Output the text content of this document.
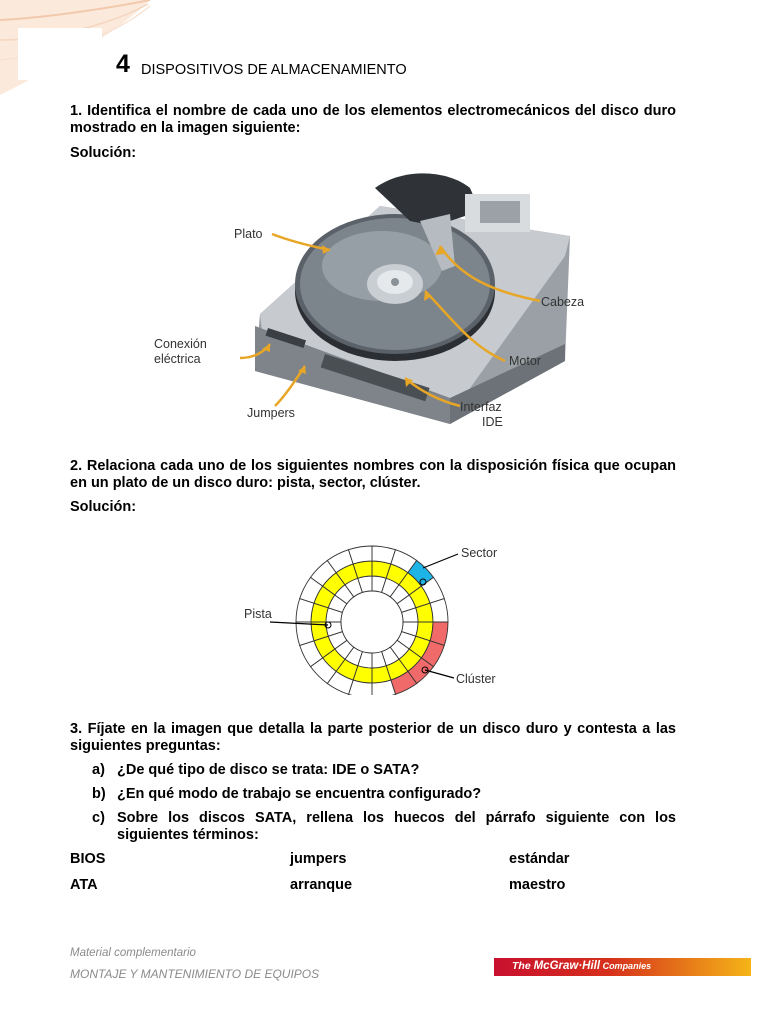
4 DISPOSITIVOS DE ALMACENAMIENTO
1. Identifica el nombre de cada uno de los elementos electromecánicos del disco duro mostrado en la imagen siguiente:
Solución:
Plato
Cabeza
Conexión
eléctrica	Motor
Jumpers	Interfaz
IDE
2. Relaciona cada uno de los siguientes nombres con la disposición física que ocupan en un plato de un disco duro: pista, sector, clúster.
Solución:
Sector
Pista
Clúster
3. Fíjate en la imagen que detalla la parte posterior de un disco duro y contesta a las siguientes preguntas:
a) ¿De qué tipo de disco se trata: IDE o SATA?
b) ¿En qué modo de trabajo se encuentra configurado?
c) Sobre los discos SATA, rellena los huecos del párrafo siguiente con los siguientes términos:
BIOS	jumpers	estándar
ATA	arranque	maestro
Material complementario
MONTAJE Y MANTENIMIENTO DE EQUIPOS
The McGraw·Hill Companies
